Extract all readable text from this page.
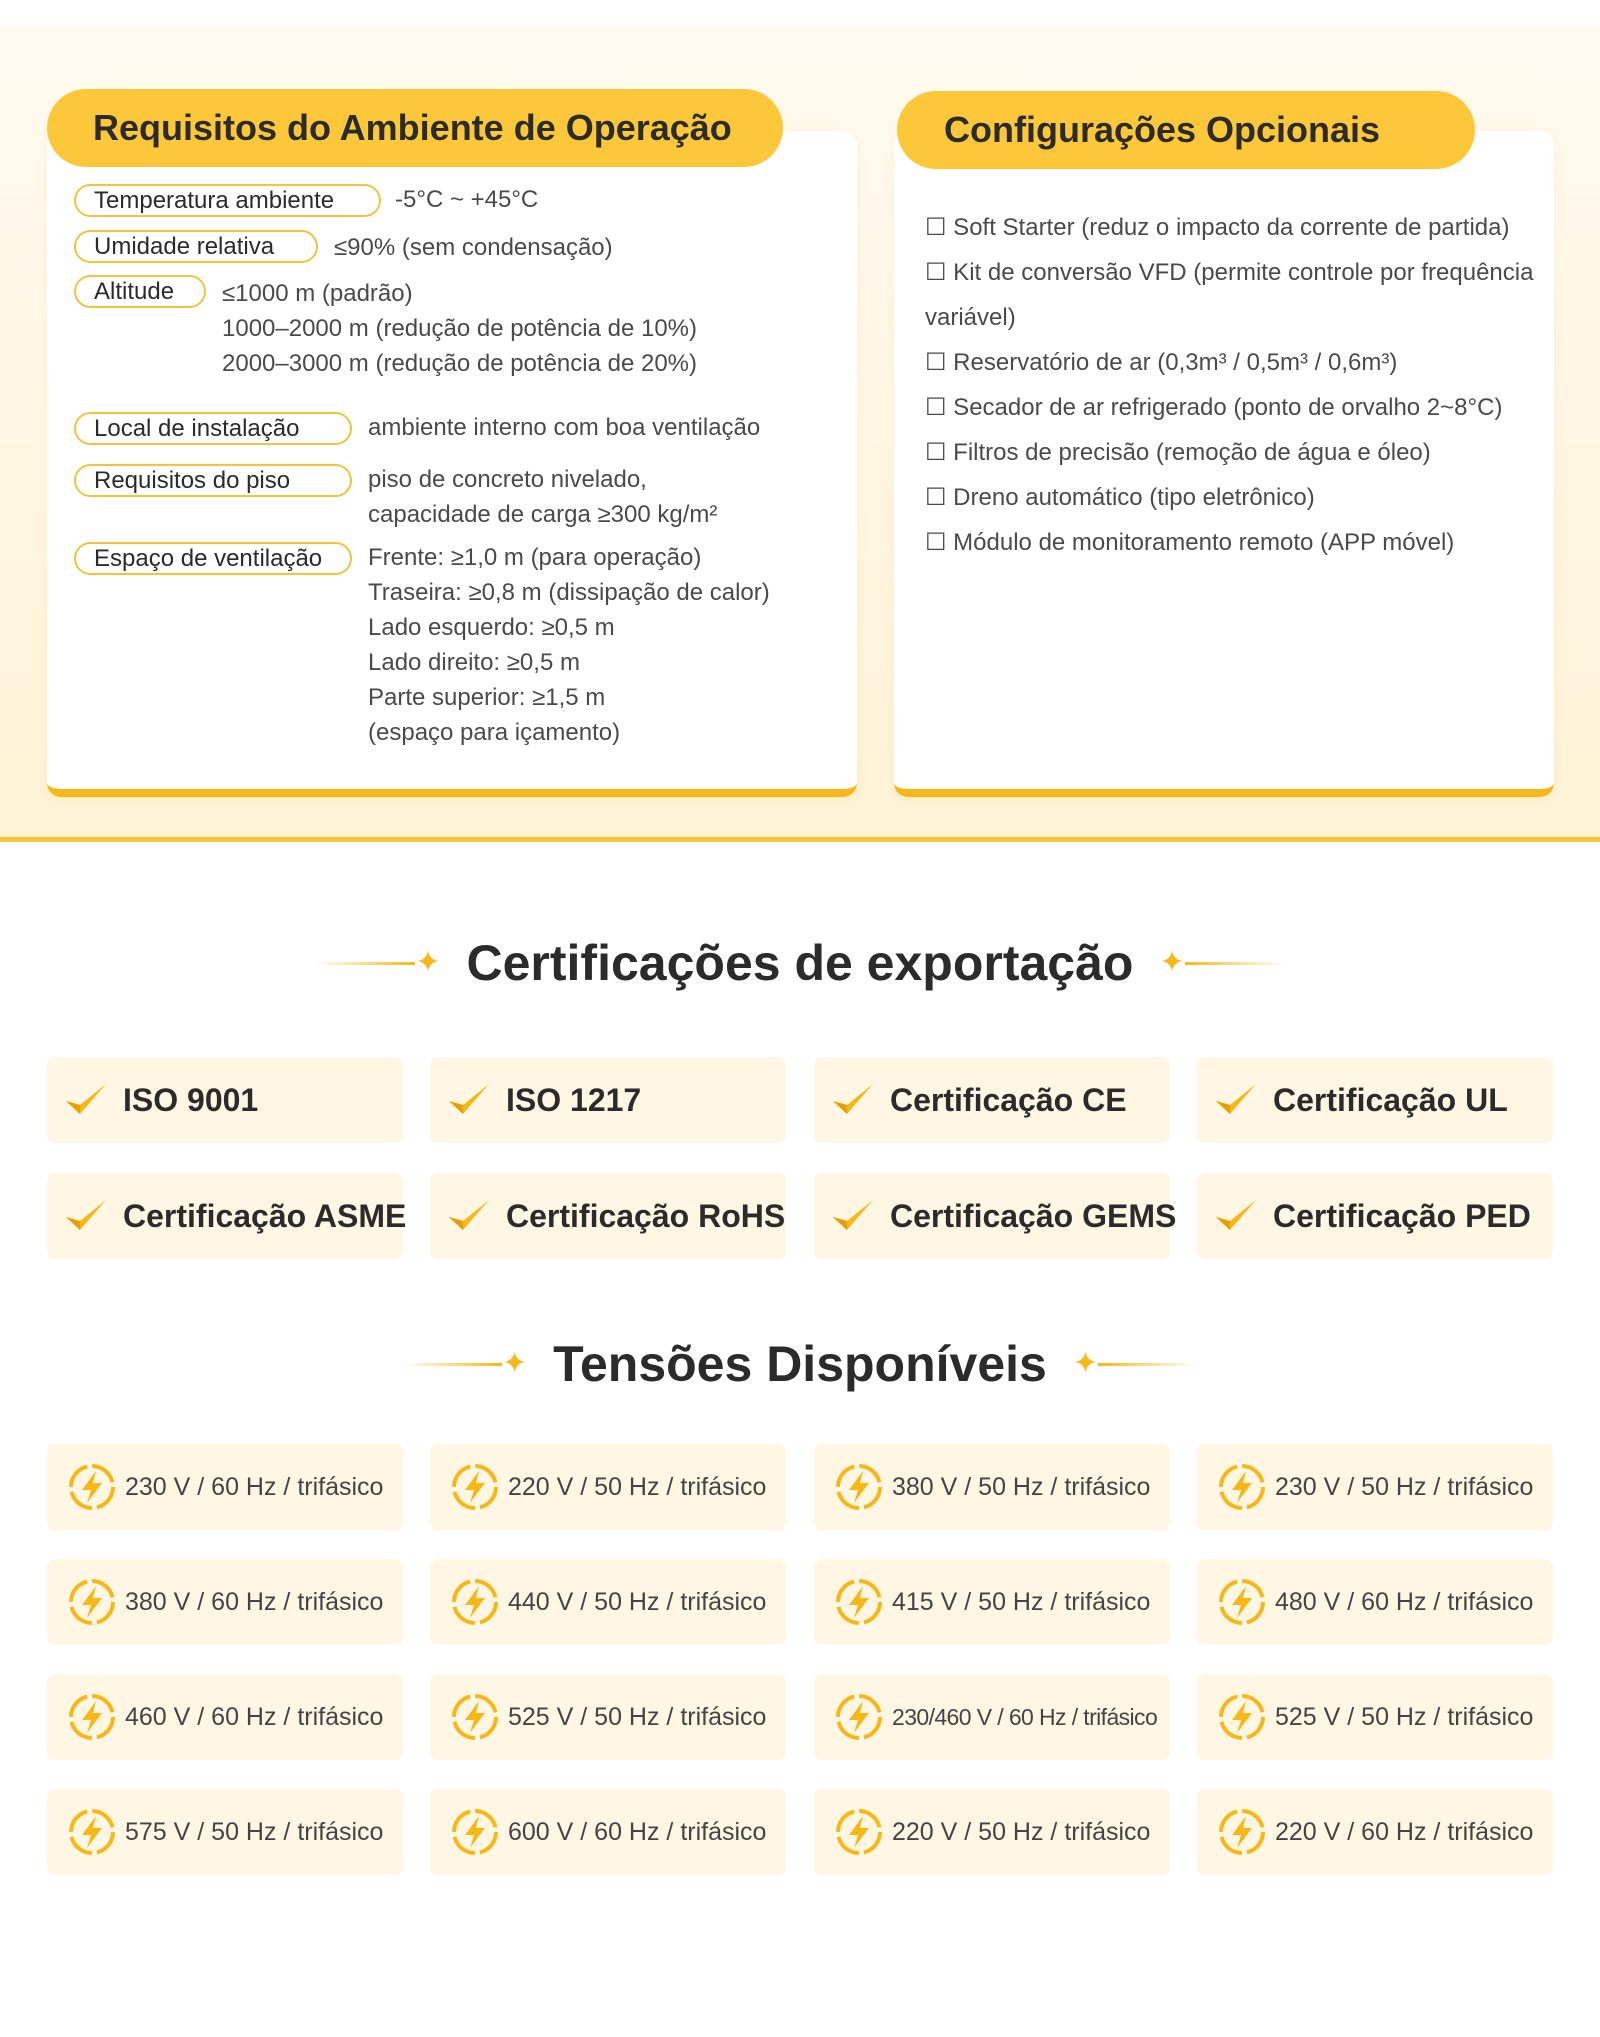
Requisitos do Ambiente de Operação
Temperatura ambiente	-5°C ~ +45°C
Umidade relativa	≤90% (sem condensação)
Altitude	≤1000 m (padrão)
1000–2000 m (redução de potência de 10%)
2000–3000 m (redução de potência de 20%)
Local de instalação	ambiente interno com boa ventilação
Requisitos do piso	piso de concreto nivelado,
capacidade de carga ≥300 kg/m²
Espaço de ventilação	Frente: ≥1,0 m (para operação)
Traseira: ≥0,8 m (dissipação de calor)
Lado esquerdo: ≥0,5 m
Lado direito: ≥0,5 m
Parte superior: ≥1,5 m
(espaço para içamento)
Configurações Opcionais
☐ Soft Starter (reduz o impacto da corrente de partida)
☐ Kit de conversão VFD (permite controle por frequência variável)
☐ Reservatório de ar (0,3m³ / 0,5m³ / 0,6m³)
☐ Secador de ar refrigerado (ponto de orvalho 2~8°C)
☐ Filtros de precisão (remoção de água e óleo)
☐ Dreno automático (tipo eletrônico)
☐ Módulo de monitoramento remoto (APP móvel)
✦ Certificações de exportação ✦
ISO 9001	ISO 1217	Certificação CE	Certificação UL
Certificação ASME	Certificação RoHS	Certificação GEMS	Certificação PED
✦ Tensões Disponíveis ✦
230 V / 60 Hz / trifásico	220 V / 50 Hz / trifásico	380 V / 50 Hz / trifásico	230 V / 50 Hz / trifásico
380 V / 60 Hz / trifásico	440 V / 50 Hz / trifásico	415 V / 50 Hz / trifásico	480 V / 60 Hz / trifásico
460 V / 60 Hz / trifásico	525 V / 50 Hz / trifásico	230/460 V / 60 Hz / trifásico	525 V / 50 Hz / trifásico
575 V / 50 Hz / trifásico	600 V / 60 Hz / trifásico	220 V / 50 Hz / trifásico	220 V / 60 Hz / trifásico
